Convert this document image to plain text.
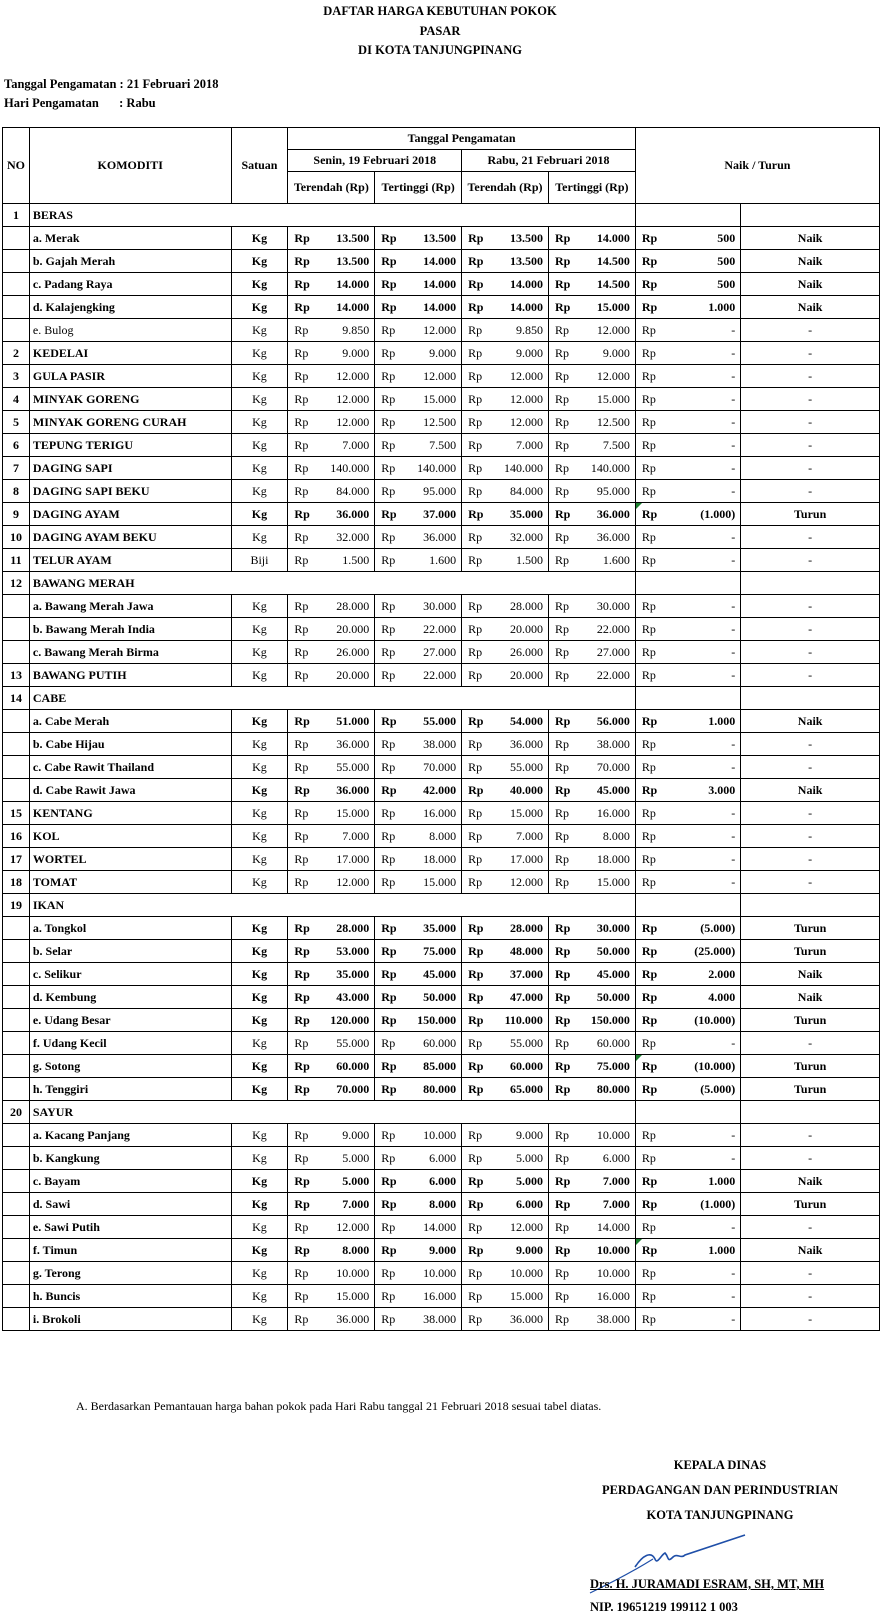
DAFTAR HARGA KEBUTUHAN POKOK
PASAR
DI KOTA TANJUNGPINANG
Tanggal Pengamatan : 21 Februari 2018
Hari Pengamatan : Rabu
NO	KOMODITI	Satuan	Tanggal Pengamatan								Naik / Turun		
			Senin, 19 Februari 2018				Rabu, 21 Februari 2018						
			Terendah (Rp)		Tertinggi (Rp)		Terendah (Rp)		Tertinggi (Rp)				
1	BERAS												
	a. Merak	Kg	Rp	13.500	Rp	13.500	Rp	13.500	Rp	14.000	Rp	500	Naik
	b. Gajah Merah	Kg	Rp	13.500	Rp	14.000	Rp	13.500	Rp	14.500	Rp	500	Naik
	c. Padang Raya	Kg	Rp	14.000	Rp	14.000	Rp	14.000	Rp	14.500	Rp	500	Naik
	d. Kalajengking	Kg	Rp	14.000	Rp	14.000	Rp	14.000	Rp	15.000	Rp	1.000	Naik
	e. Bulog	Kg	Rp	9.850	Rp	12.000	Rp	9.850	Rp	12.000	Rp	-	-
2	KEDELAI	Kg	Rp	9.000	Rp	9.000	Rp	9.000	Rp	9.000	Rp	-	-
3	GULA PASIR	Kg	Rp	12.000	Rp	12.000	Rp	12.000	Rp	12.000	Rp	-	-
4	MINYAK GORENG	Kg	Rp	12.000	Rp	15.000	Rp	12.000	Rp	15.000	Rp	-	-
5	MINYAK GORENG CURAH	Kg	Rp	12.000	Rp	12.500	Rp	12.000	Rp	12.500	Rp	-	-
6	TEPUNG TERIGU	Kg	Rp	7.000	Rp	7.500	Rp	7.000	Rp	7.500	Rp	-	-
7	DAGING SAPI	Kg	Rp	140.000	Rp	140.000	Rp	140.000	Rp	140.000	Rp	-	-
8	DAGING SAPI BEKU	Kg	Rp	84.000	Rp	95.000	Rp	84.000	Rp	95.000	Rp	-	-
9	DAGING AYAM	Kg	Rp	36.000	Rp	37.000	Rp	35.000	Rp	36.000	Rp	(1.000)	Turun
10	DAGING AYAM BEKU	Kg	Rp	32.000	Rp	36.000	Rp	32.000	Rp	36.000	Rp	-	-
11	TELUR AYAM	Biji	Rp	1.500	Rp	1.600	Rp	1.500	Rp	1.600	Rp	-	-
12	BAWANG MERAH												
	a. Bawang Merah Jawa	Kg	Rp	28.000	Rp	30.000	Rp	28.000	Rp	30.000	Rp	-	-
	b. Bawang Merah India	Kg	Rp	20.000	Rp	22.000	Rp	20.000	Rp	22.000	Rp	-	-
	c. Bawang Merah Birma	Kg	Rp	26.000	Rp	27.000	Rp	26.000	Rp	27.000	Rp	-	-
13	BAWANG PUTIH	Kg	Rp	20.000	Rp	22.000	Rp	20.000	Rp	22.000	Rp	-	-
14	CABE												
	a. Cabe Merah	Kg	Rp	51.000	Rp	55.000	Rp	54.000	Rp	56.000	Rp	1.000	Naik
	b. Cabe Hijau	Kg	Rp	36.000	Rp	38.000	Rp	36.000	Rp	38.000	Rp	-	-
	c. Cabe Rawit Thailand	Kg	Rp	55.000	Rp	70.000	Rp	55.000	Rp	70.000	Rp	-	-
	d. Cabe Rawit Jawa	Kg	Rp	36.000	Rp	42.000	Rp	40.000	Rp	45.000	Rp	3.000	Naik
15	KENTANG	Kg	Rp	15.000	Rp	16.000	Rp	15.000	Rp	16.000	Rp	-	-
16	KOL	Kg	Rp	7.000	Rp	8.000	Rp	7.000	Rp	8.000	Rp	-	-
17	WORTEL	Kg	Rp	17.000	Rp	18.000	Rp	17.000	Rp	18.000	Rp	-	-
18	TOMAT	Kg	Rp	12.000	Rp	15.000	Rp	12.000	Rp	15.000	Rp	-	-
19	IKAN												
	a. Tongkol	Kg	Rp	28.000	Rp	35.000	Rp	28.000	Rp	30.000	Rp	(5.000)	Turun
	b. Selar	Kg	Rp	53.000	Rp	75.000	Rp	48.000	Rp	50.000	Rp	(25.000)	Turun
	c. Selikur	Kg	Rp	35.000	Rp	45.000	Rp	37.000	Rp	45.000	Rp	2.000	Naik
	d. Kembung	Kg	Rp	43.000	Rp	50.000	Rp	47.000	Rp	50.000	Rp	4.000	Naik
	e. Udang Besar	Kg	Rp	120.000	Rp	150.000	Rp	110.000	Rp	150.000	Rp	(10.000)	Turun
	f. Udang Kecil	Kg	Rp	55.000	Rp	60.000	Rp	55.000	Rp	60.000	Rp	-	-
	g. Sotong	Kg	Rp	60.000	Rp	85.000	Rp	60.000	Rp	75.000	Rp	(10.000)	Turun
	h. Tenggiri	Kg	Rp	70.000	Rp	80.000	Rp	65.000	Rp	80.000	Rp	(5.000)	Turun
20	SAYUR												
	a. Kacang Panjang	Kg	Rp	9.000	Rp	10.000	Rp	9.000	Rp	10.000	Rp	-	-
	b. Kangkung	Kg	Rp	5.000	Rp	6.000	Rp	5.000	Rp	6.000	Rp	-	-
	c. Bayam	Kg	Rp	5.000	Rp	6.000	Rp	5.000	Rp	7.000	Rp	1.000	Naik
	d. Sawi	Kg	Rp	7.000	Rp	8.000	Rp	6.000	Rp	7.000	Rp	(1.000)	Turun
	e. Sawi Putih	Kg	Rp	12.000	Rp	14.000	Rp	12.000	Rp	14.000	Rp	-	-
	f. Timun	Kg	Rp	8.000	Rp	9.000	Rp	9.000	Rp	10.000	Rp	1.000	Naik
	g. Terong	Kg	Rp	10.000	Rp	10.000	Rp	10.000	Rp	10.000	Rp	-	-
	h. Buncis	Kg	Rp	15.000	Rp	16.000	Rp	15.000	Rp	16.000	Rp	-	-
	i. Brokoli	Kg	Rp	36.000	Rp	38.000	Rp	36.000	Rp	38.000	Rp	-	-
A. Berdasarkan Pemantauan harga bahan pokok pada Hari Rabu tanggal 21 Februari 2018 sesuai tabel diatas.
KEPALA DINAS
PERDAGANGAN DAN PERINDUSTRIAN
KOTA TANJUNGPINANG
Drs. H. JURAMADI ESRAM, SH, MT, MH
NIP. 19651219 199112 1 003
